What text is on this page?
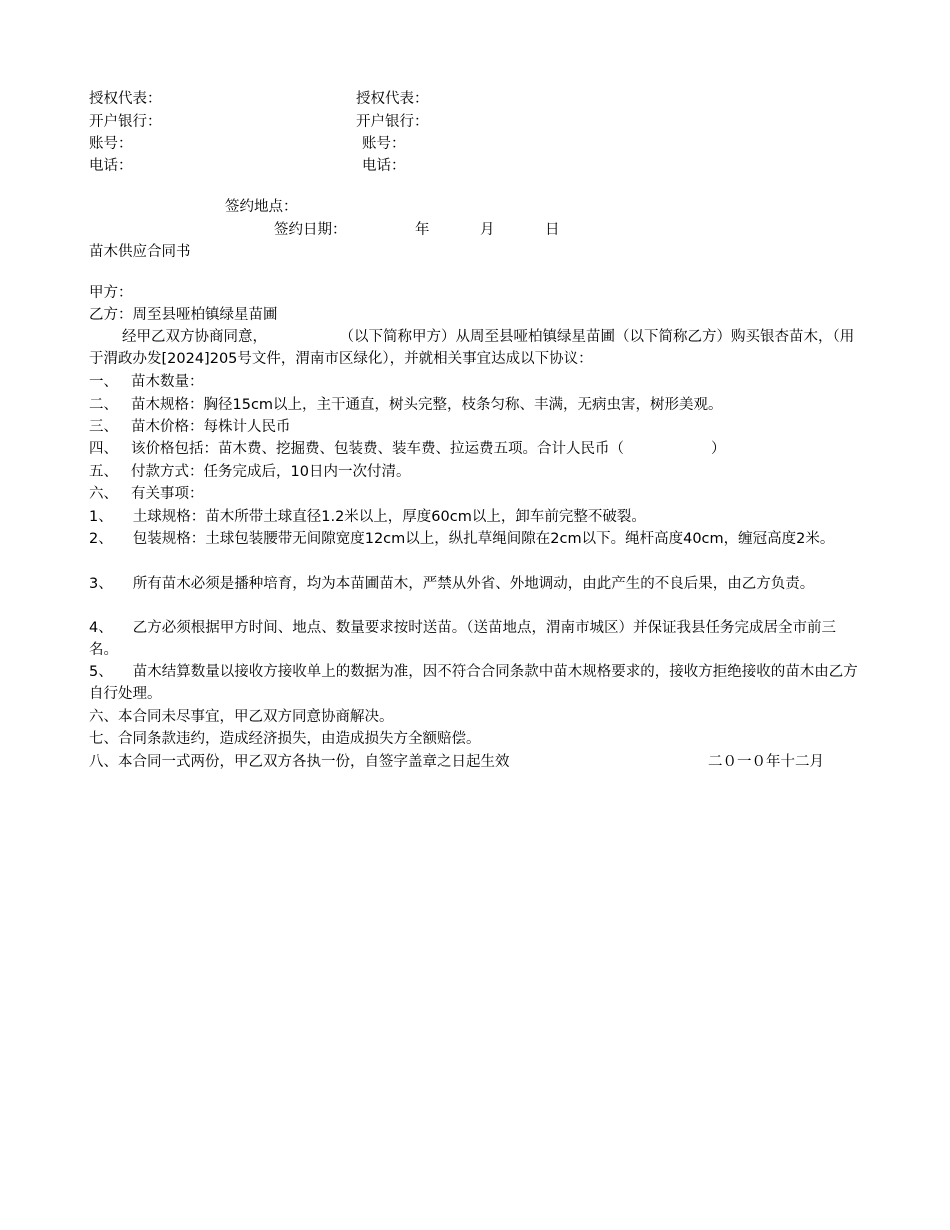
授权代表：
开户银行：
账号：
电话：
授权代表：
开户银行：
账号：
电话：
签约地点：
签约日期：	年	月	日
苗木供应合同书
甲方：
乙方：周至县哑柏镇绿星苗圃
经甲乙双方协商同意，　　　　　　（以下简称甲方）从周至县哑柏镇绿星苗圃（以下简称乙方）购买银杏苗木，（用于渭政办发[2024]205号文件，渭南市区绿化），并就相关事宜达成以下协议：
一、 苗木数量：
二、 苗木规格：胸径15cm以上，主干通直，树头完整，枝条匀称、丰满，无病虫害，树形美观。
三、 苗木价格：每株计人民币
四、 该价格包括：苗木费、挖掘费、包装费、装车费、拉运费五项。合计人民币（　　　　　　）
五、 付款方式：任务完成后，10日内一次付清。
六、 有关事项：
1、 土球规格：苗木所带土球直径1.2米以上，厚度60cm以上，卸车前完整不破裂。
2、 包装规格：土球包装腰带无间隙宽度12cm以上，纵扎草绳间隙在2cm以下。绳杆高度40cm，缠冠高度2米。
3、 所有苗木必须是播种培育，均为本苗圃苗木，严禁从外省、外地调动，由此产生的不良后果，由乙方负责。
4、 乙方必须根据甲方时间、地点、数量要求按时送苗。（送苗地点，渭南市城区）并保证我县任务完成居全市前三名。
5、 苗木结算数量以接收方接收单上的数据为准，因不符合合同条款中苗木规格要求的，接收方拒绝接收的苗木由乙方自行处理。
六、本合同未尽事宜，甲乙双方同意协商解决。
七、合同条款违约，造成经济损失，由造成损失方全额赔偿。
八、本合同一式两份，甲乙双方各执一份，自签字盖章之日起生效	二０一０年十二月
